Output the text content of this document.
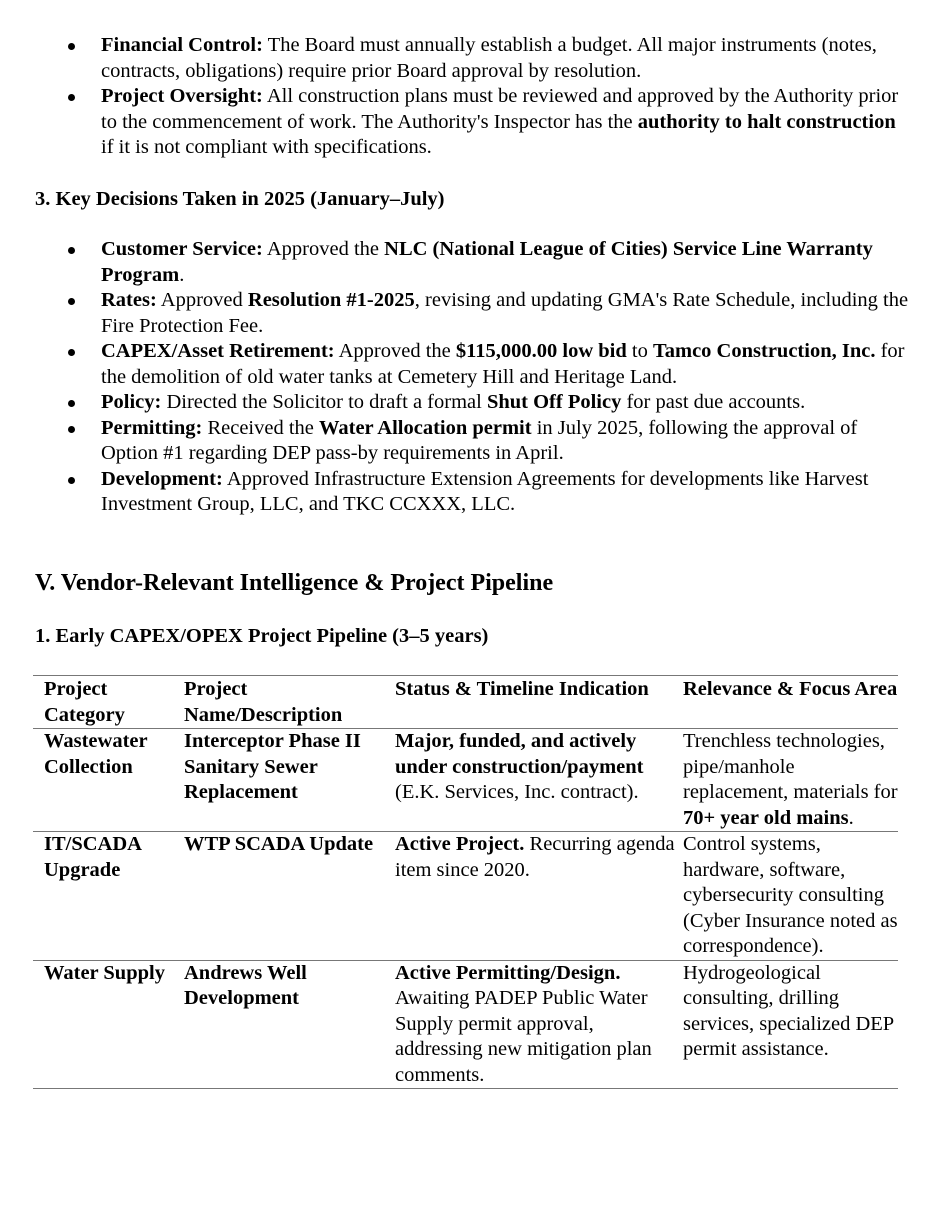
Financial Control: The Board must annually establish a budget. All major instruments (notes, contracts, obligations) require prior Board approval by resolution.
Project Oversight: All construction plans must be reviewed and approved by the Authority prior to the commencement of work. The Authority's Inspector has the authority to halt construction if it is not compliant with specifications.
3. Key Decisions Taken in 2025 (January–July)
Customer Service: Approved the NLC (National League of Cities) Service Line Warranty Program.
Rates: Approved Resolution #1-2025, revising and updating GMA's Rate Schedule, including the Fire Protection Fee.
CAPEX/Asset Retirement: Approved the $115,000.00 low bid to Tamco Construction, Inc. for the demolition of old water tanks at Cemetery Hill and Heritage Land.
Policy: Directed the Solicitor to draft a formal Shut Off Policy for past due accounts.
Permitting: Received the Water Allocation permit in July 2025, following the approval of Option #1 regarding DEP pass-by requirements in April.
Development: Approved Infrastructure Extension Agreements for developments like Harvest Investment Group, LLC, and TKC CCXXX, LLC.
V. Vendor-Relevant Intelligence & Project Pipeline
1. Early CAPEX/OPEX Project Pipeline (3–5 years)
Project Category	Project Name/Description	Status & Timeline Indication	Relevance & Focus Area
Wastewater Collection	Interceptor Phase II Sanitary Sewer Replacement	Major, funded, and actively under construction/payment (E.K. Services, Inc. contract).	Trenchless technologies, pipe/manhole replacement, materials for 70+ year old mains.
IT/SCADA Upgrade	WTP SCADA Update	Active Project. Recurring agenda item since 2020.	Control systems, hardware, software, cybersecurity consulting (Cyber Insurance noted as correspondence).
Water Supply	Andrews Well Development	Active Permitting/Design. Awaiting PADEP Public Water Supply permit approval, addressing new mitigation plan comments.	Hydrogeological consulting, drilling services, specialized DEP permit assistance.
